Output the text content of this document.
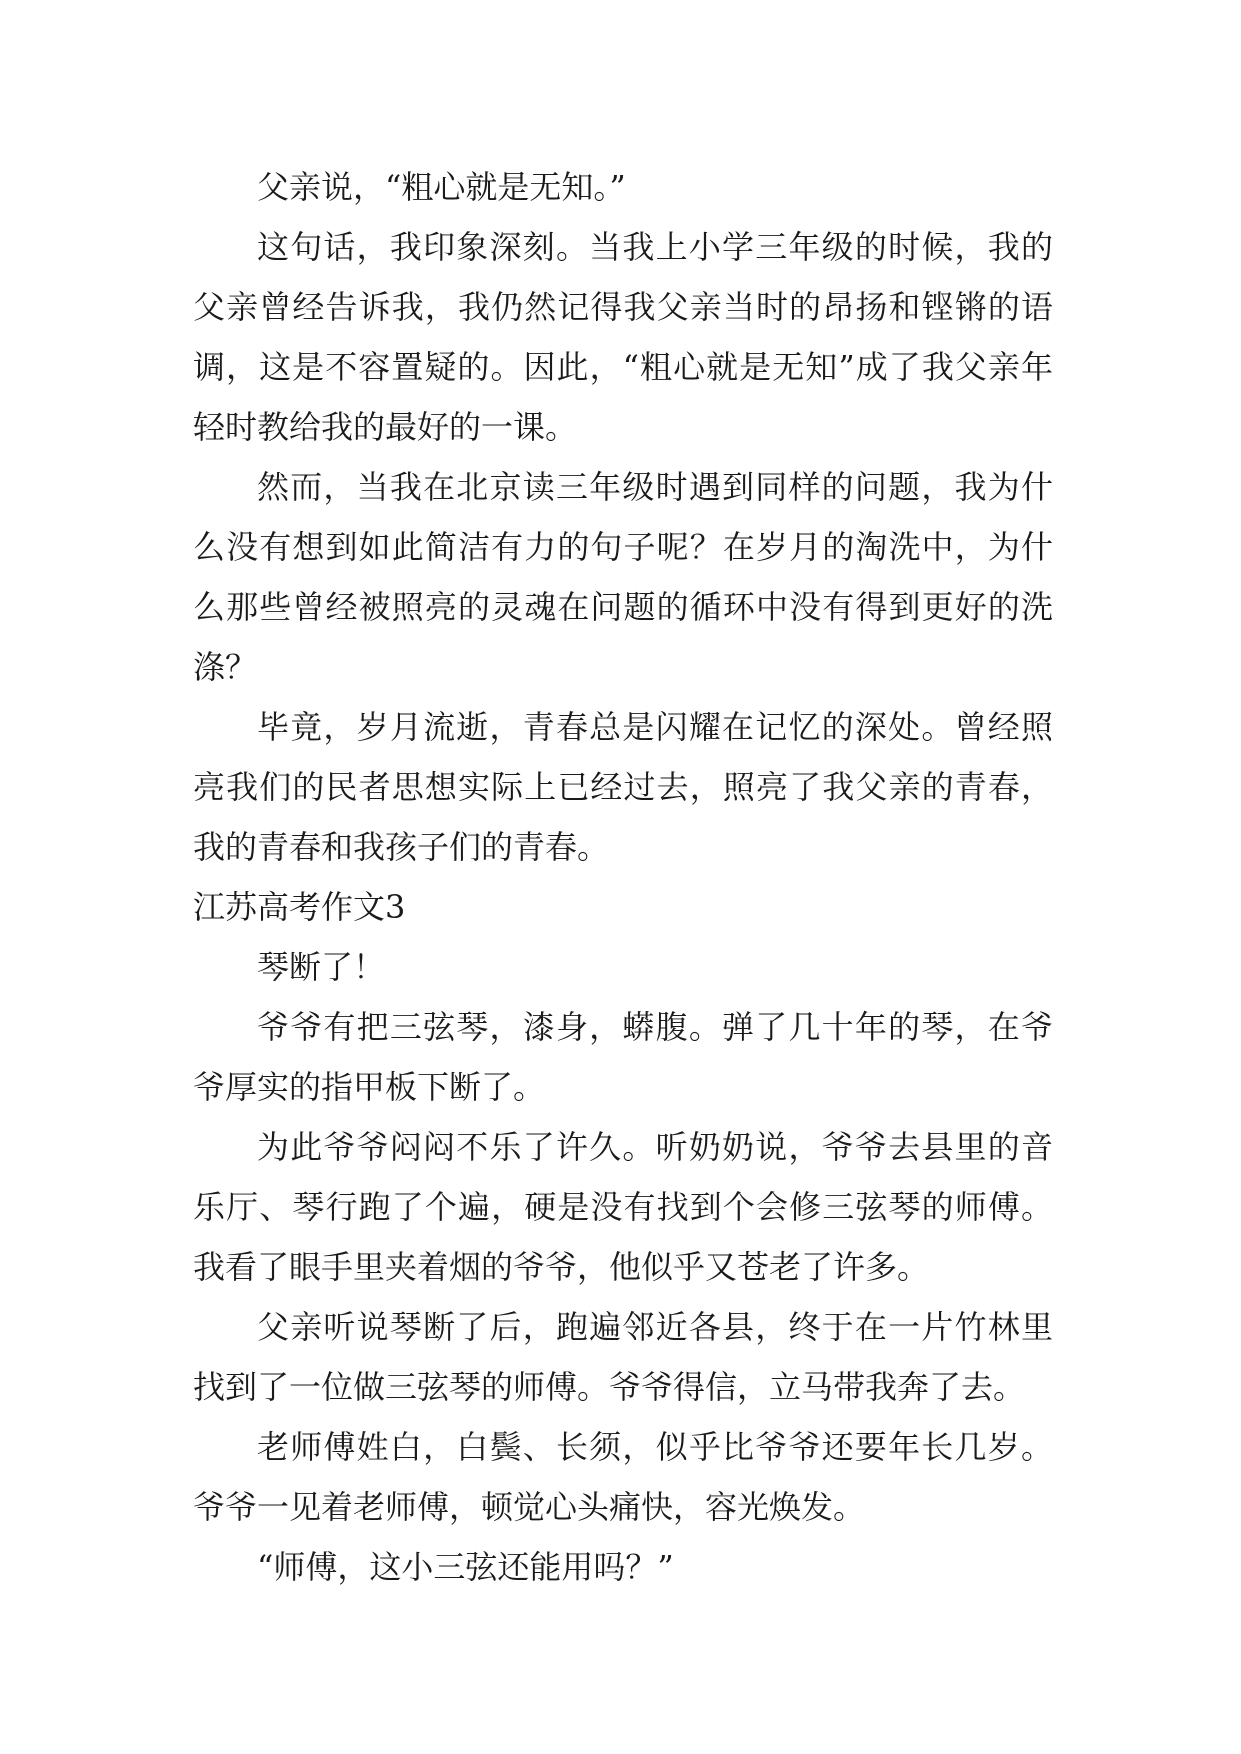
父亲说，“粗心就是无知。”

这句话，我印象深刻。当我上小学三年级的时候，我的父亲曾经告诉我，我仍然记得我父亲当时的昂扬和铿锵的语调，这是不容置疑的。因此，“粗心就是无知”成了我父亲年轻时教给我的最好的一课。

然而，当我在北京读三年级时遇到同样的问题，我为什么没有想到如此简洁有力的句子呢？在岁月的淘洗中，为什么那些曾经被照亮的灵魂在问题的循环中没有得到更好的洗涤？

毕竟，岁月流逝，青春总是闪耀在记忆的深处。曾经照亮我们的民者思想实际上已经过去，照亮了我父亲的青春，我的青春和我孩子们的青春。

江苏高考作文3

琴断了！

爷爷有把三弦琴，漆身，蟒腹。弹了几十年的琴，在爷爷厚实的指甲板下断了。

为此爷爷闷闷不乐了许久。听奶奶说，爷爷去县里的音乐厅、琴行跑了个遍，硬是没有找到个会修三弦琴的师傅。我看了眼手里夹着烟的爷爷，他似乎又苍老了许多。

父亲听说琴断了后，跑遍邻近各县，终于在一片竹林里找到了一位做三弦琴的师傅。爷爷得信，立马带我奔了去。

老师傅姓白，白鬓、长须，似乎比爷爷还要年长几岁。爷爷一见着老师傅，顿觉心头痛快，容光焕发。

“师傅，这小三弦还能用吗？”
